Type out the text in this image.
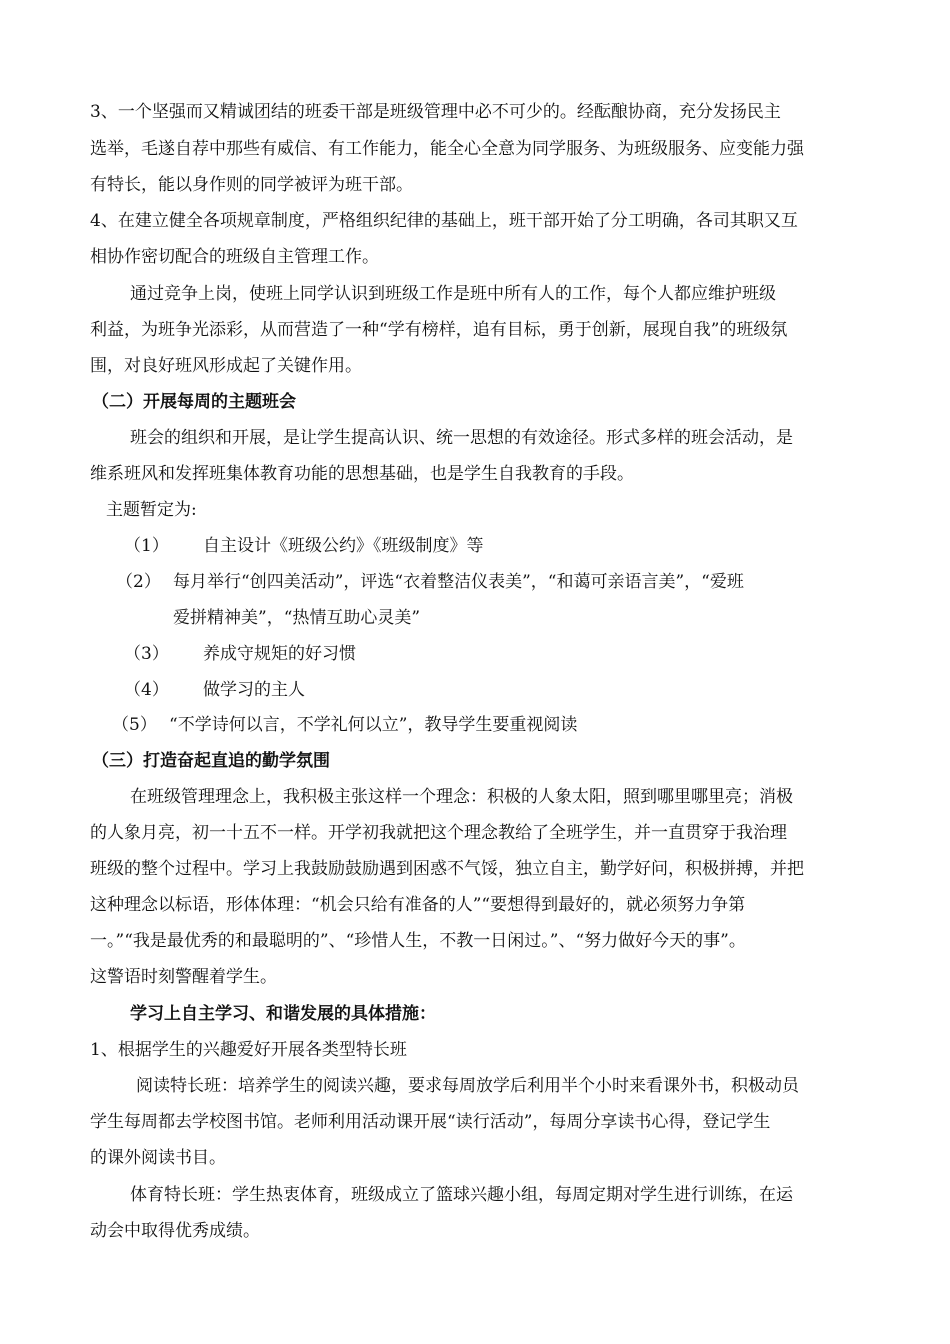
3、一个坚强而又精诚团结的班委干部是班级管理中必不可少的。经酝酿协商，充分发扬民主
选举，毛遂自荐中那些有威信、有工作能力，能全心全意为同学服务、为班级服务、应变能力强
有特长，能以身作则的同学被评为班干部。
4、在建立健全各项规章制度，严格组织纪律的基础上，班干部开始了分工明确，各司其职又互
相协作密切配合的班级自主管理工作。
通过竞争上岗，使班上同学认识到班级工作是班中所有人的工作，每个人都应维护班级
利益，为班争光添彩，从而营造了一种“学有榜样，追有目标，勇于创新，展现自我”的班级氛
围，对良好班风形成起了关键作用。
（二）开展每周的主题班会
班会的组织和开展，是让学生提高认识、统一思想的有效途径。形式多样的班会活动，是
维系班风和发挥班集体教育功能的思想基础，也是学生自我教育的手段。
主题暂定为:
（1） 自主设计《班级公约》《班级制度》等
（2） 每月举行“创四美活动”，评选“衣着整洁仪表美”，“和蔼可亲语言美”，“爱班
爱拼精神美”，“热情互助心灵美”
（3） 养成守规矩的好习惯
（4） 做学习的主人
（5） “不学诗何以言，不学礼何以立”，教导学生要重视阅读
（三）打造奋起直追的勤学氛围
在班级管理理念上，我积极主张这样一个理念：积极的人象太阳，照到哪里哪里亮；消极
的人象月亮，初一十五不一样。开学初我就把这个理念教给了全班学生，并一直贯穿于我治理
班级的整个过程中。学习上我鼓励鼓励遇到困惑不气馁，独立自主，勤学好问，积极拼搏，并把
这种理念以标语，形体体理：“机会只给有准备的人”“要想得到最好的，就必须努力争第
一。”“我是最优秀的和最聪明的”、“珍惜人生，不教一日闲过。”、“努力做好今天的事”。
这警语时刻警醒着学生。
学习上自主学习、和谐发展的具体措施：
1、根据学生的兴趣爱好开展各类型特长班
阅读特长班：培养学生的阅读兴趣，要求每周放学后利用半个小时来看课外书，积极动员
学生每周都去学校图书馆。老师利用活动课开展“读行活动”，每周分享读书心得，登记学生
的课外阅读书目。
体育特长班：学生热衷体育，班级成立了篮球兴趣小组，每周定期对学生进行训练，在运
动会中取得优秀成绩。
